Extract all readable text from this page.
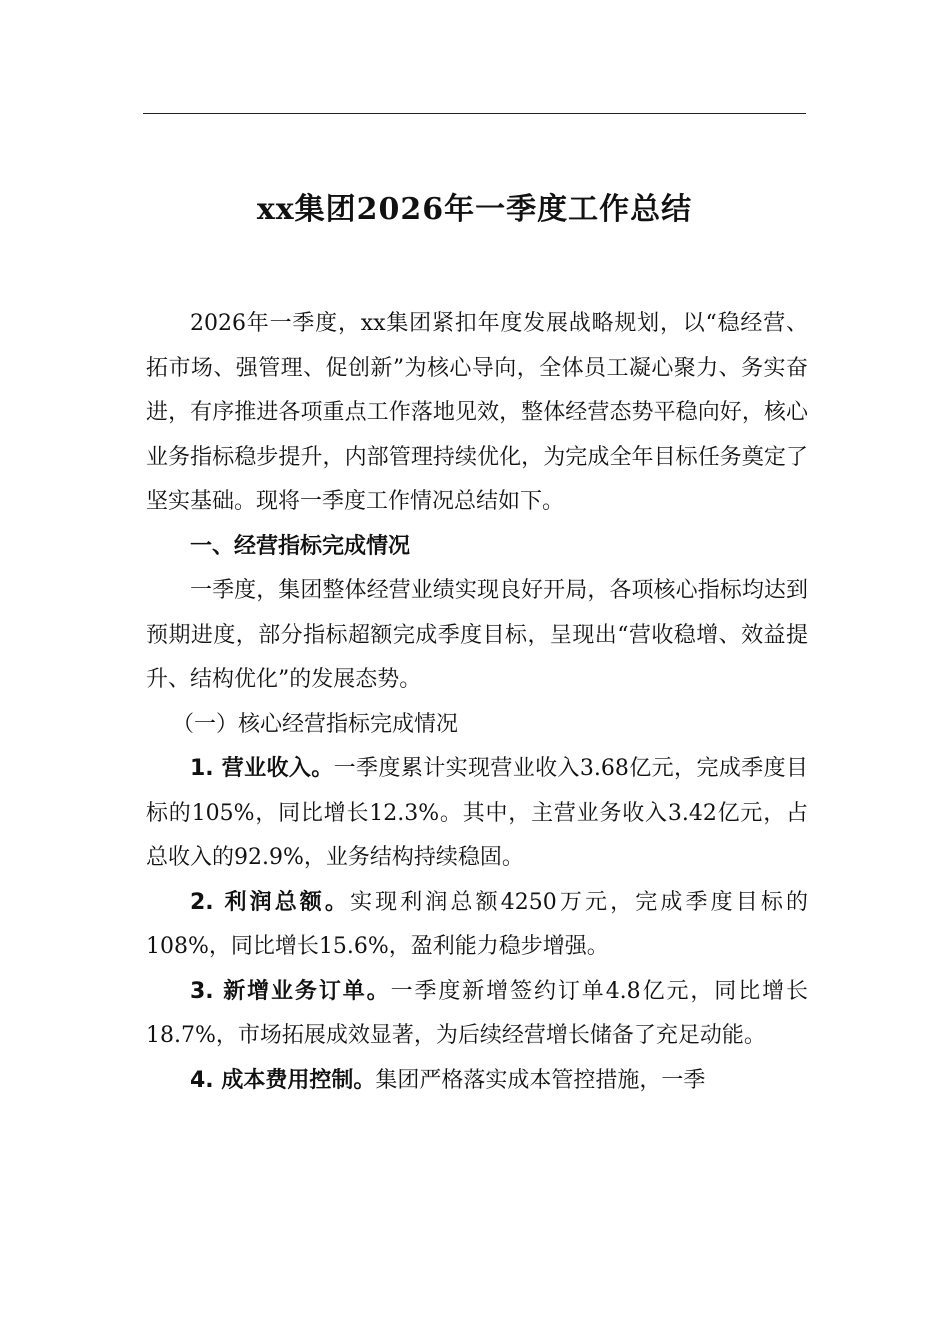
xx集团2026年一季度工作总结

2026年一季度，xx集团紧扣年度发展战略规划，以“稳经营、拓市场、强管理、促创新”为核心导向，全体员工凝心聚力、务实奋进，有序推进各项重点工作落地见效，整体经营态势平稳向好，核心业务指标稳步提升，内部管理持续优化，为完成全年目标任务奠定了坚实基础。现将一季度工作情况总结如下。

一、经营指标完成情况

一季度，集团整体经营业绩实现良好开局，各项核心指标均达到预期进度，部分指标超额完成季度目标，呈现出“营收稳增、效益提升、结构优化”的发展态势。

（一）核心经营指标完成情况

1. 营业收入。一季度累计实现营业收入3.68亿元，完成季度目标的105%，同比增长12.3%。其中，主营业务收入3.42亿元，占总收入的92.9%，业务结构持续稳固。

2. 利润总额。实现利润总额4250万元，完成季度目标的108%，同比增长15.6%，盈利能力稳步增强。

3. 新增业务订单。一季度新增签约订单4.8亿元，同比增长18.7%，市场拓展成效显著，为后续经营增长储备了充足动能。

4. 成本费用控制。集团严格落实成本管控措施，一季
